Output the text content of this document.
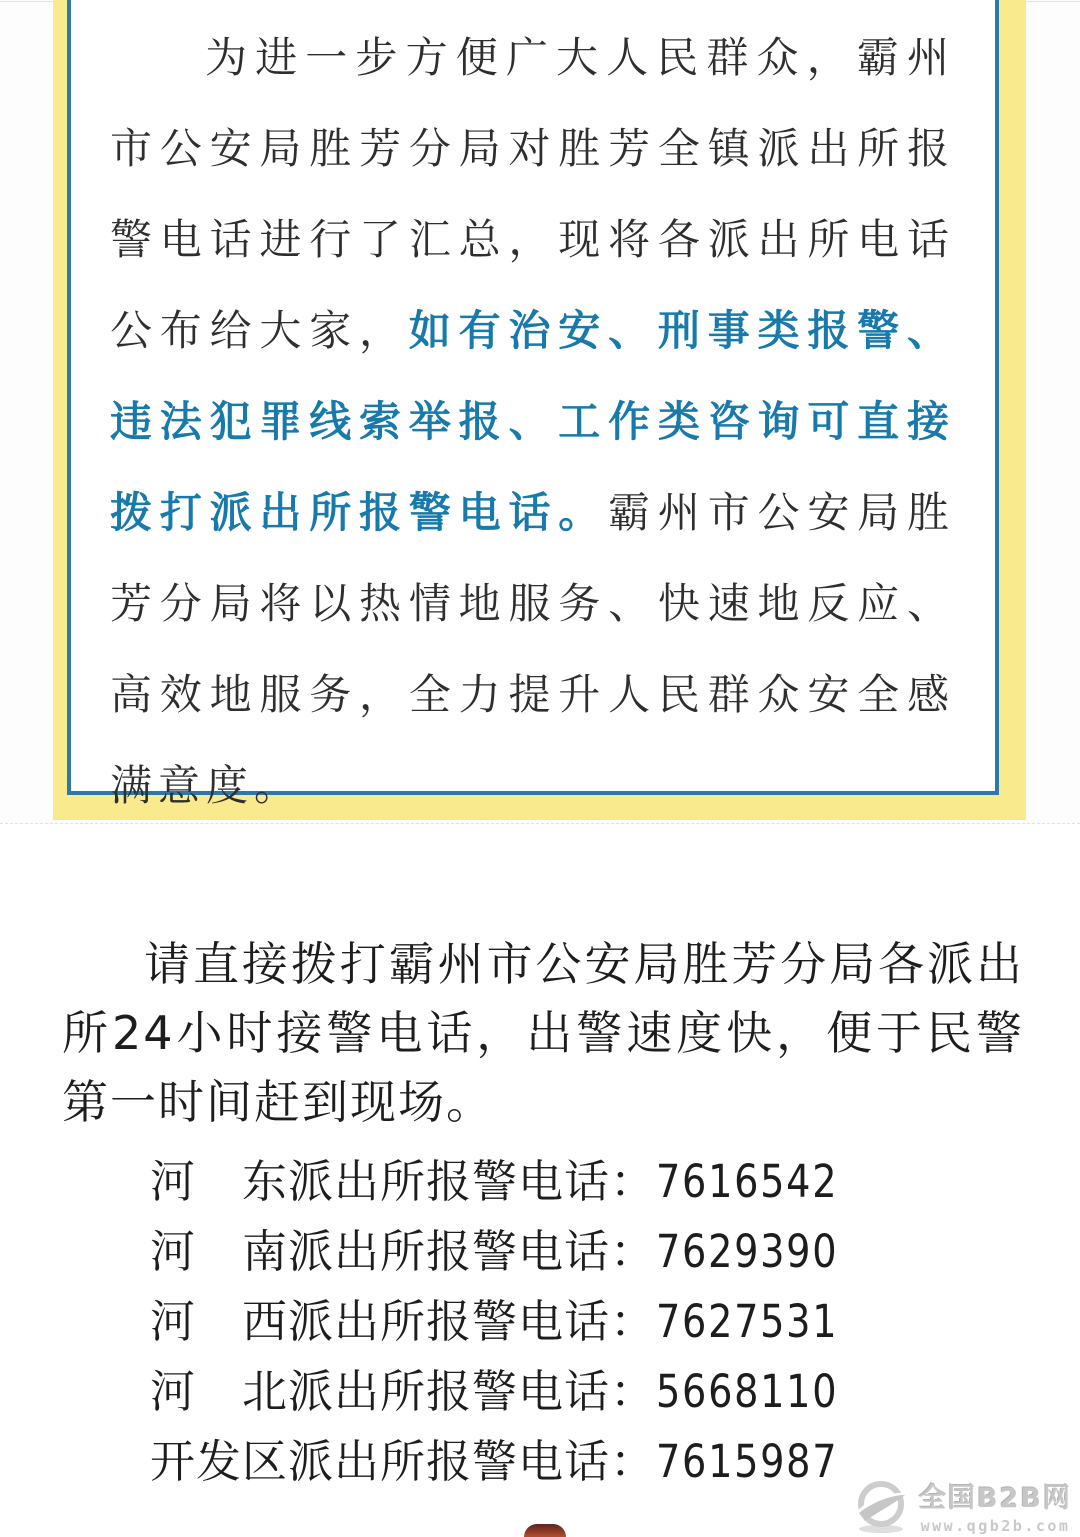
为进一步方便广大人民群众，霸州市公安局胜芳分局对胜芳全镇派出所报警电话进行了汇总，现将各派出所电话公布给大家，如有治安、刑事类报警、违法犯罪线索举报、工作类咨询可直接拨打派出所报警电话。霸州市公安局胜芳分局将以热情地服务、快速地反应、高效地服务，全力提升人民群众安全感满意度。

请直接拨打霸州市公安局胜芳分局各派出所24小时接警电话，出警速度快，便于民警第一时间赶到现场。

河　东派出所报警电话：7616542
河　南派出所报警电话：7629390
河　西派出所报警电话：7627531
河　北派出所报警电话：5668110
开发区派出所报警电话：7615987
全国B2B网
www.qgb2b.com
